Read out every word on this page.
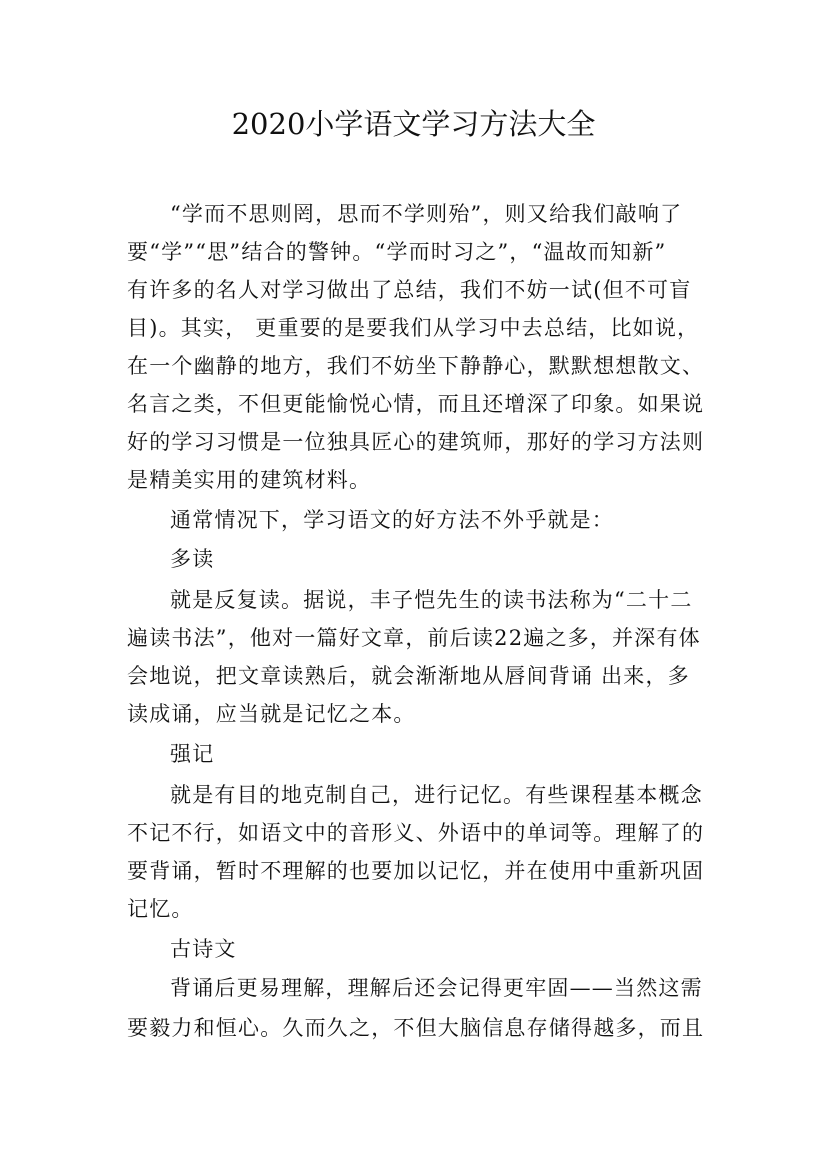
2020小学语文学习方法大全
“学而不思则罔，思而不学则殆”，则又给我们敲响了
要“学”“思”结合的警钟。“学而时习之”，“温故而知新”
有许多的名人对学习做出了总结，我们不妨一试(但不可盲
目)。其实， 更重要的是要我们从学习中去总结，比如说，
在一个幽静的地方，我们不妨坐下静静心，默默想想散文、
名言之类，不但更能愉悦心情，而且还增深了印象。如果说
好的学习习惯是一位独具匠心的建筑师，那好的学习方法则
是精美实用的建筑材料。
通常情况下，学习语文的好方法不外乎就是：
多读
就是反复读。据说，丰子恺先生的读书法称为“二十二
遍读书法”，他对一篇好文章，前后读22遍之多，并深有体
会地说，把文章读熟后，就会渐渐地从唇间背诵 出来，多
读成诵，应当就是记忆之本。
强记
就是有目的地克制自己，进行记忆。有些课程基本概念
不记不行，如语文中的音形义、外语中的单词等。理解了的
要背诵，暂时不理解的也要加以记忆，并在使用中重新巩固
记忆。
古诗文
背诵后更易理解，理解后还会记得更牢固——当然这需
要毅力和恒心。久而久之，不但大脑信息存储得越多，而且
